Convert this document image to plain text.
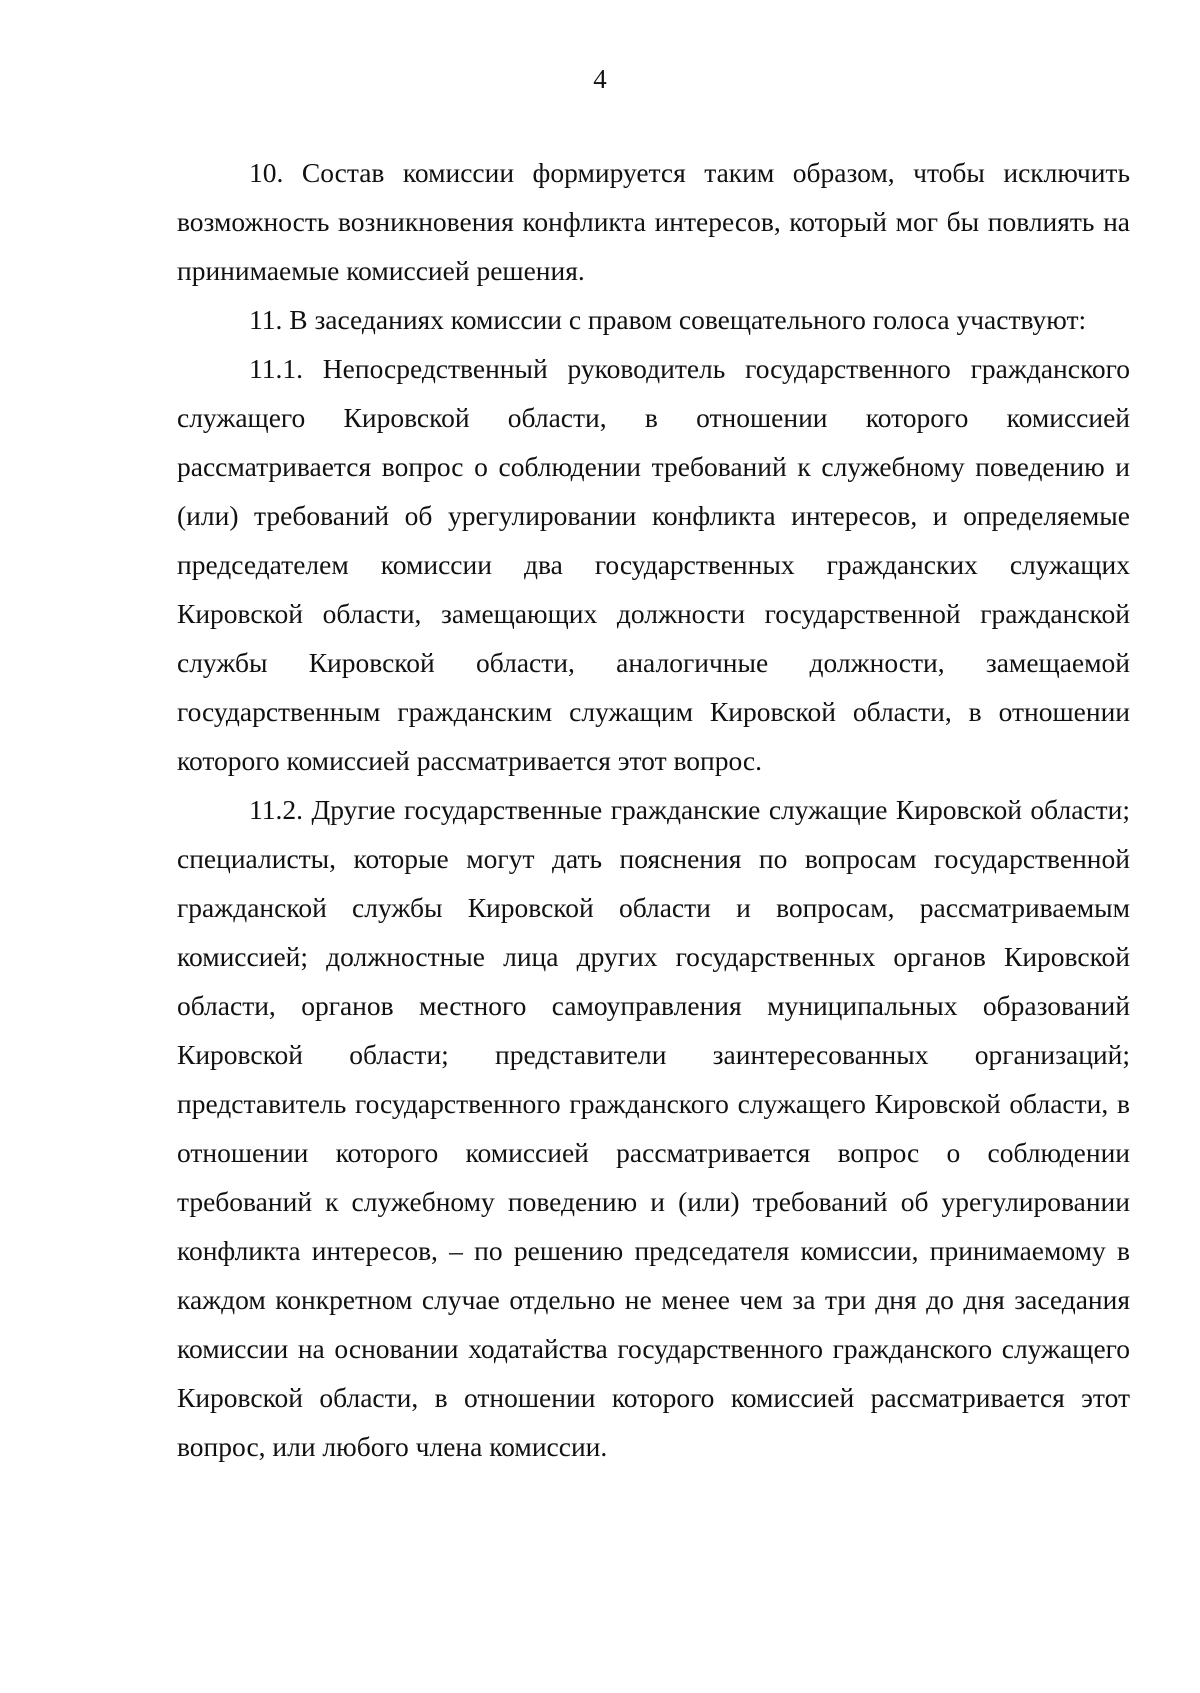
4

10. Состав комиссии формируется таким образом, чтобы исключить возможность возникновения конфликта интересов, который мог бы повлиять на принимаемые комиссией решения.

11. В заседаниях комиссии с правом совещательного голоса участвуют:

11.1. Непосредственный руководитель государственного гражданского служащего Кировской области, в отношении которого комиссией рассматривается вопрос о соблюдении требований к служебному поведению и (или) требований об урегулировании конфликта интересов, и определяемые председателем комиссии два государственных гражданских служащих Кировской области, замещающих должности государственной гражданской службы Кировской области, аналогичные должности, замещаемой государственным гражданским служащим Кировской области, в отношении которого комиссией рассматривается этот вопрос.

11.2. Другие государственные гражданские служащие Кировской области; специалисты, которые могут дать пояснения по вопросам государственной гражданской службы Кировской области и вопросам, рассматриваемым комиссией; должностные лица других государственных органов Кировской области, органов местного самоуправления муниципальных образований Кировской области; представители заинтересованных организаций; представитель государственного гражданского служащего Кировской области, в отношении которого комиссией рассматривается вопрос о соблюдении требований к служебному поведению и (или) требований об урегулировании конфликта интересов, – по решению председателя комиссии, принимаемому в каждом конкретном случае отдельно не менее чем за три дня до дня заседания комиссии на основании ходатайства государственного гражданского служащего Кировской области, в отношении которого комиссией рассматривается этот вопрос, или любого члена комиссии.
